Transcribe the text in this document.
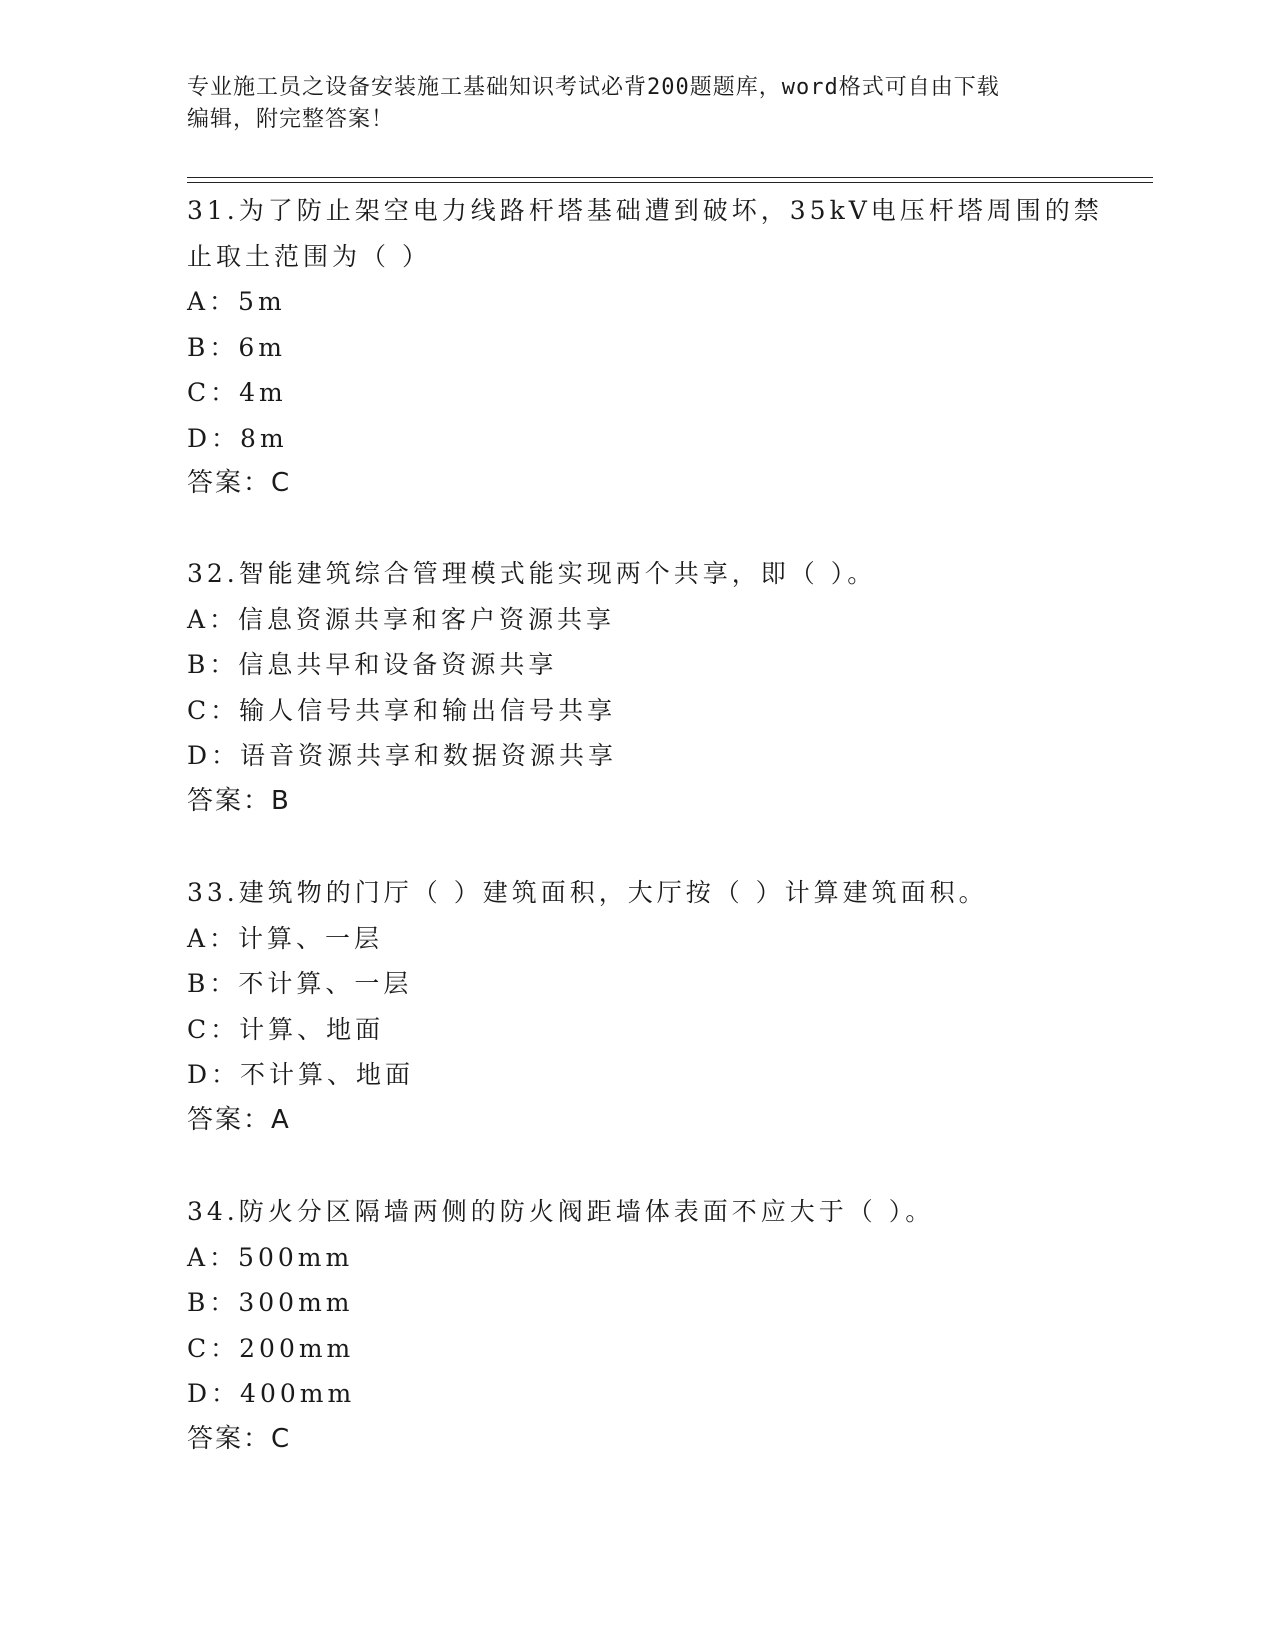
专业施工员之设备安装施工基础知识考试必背200题题库，word格式可自由下载
编辑，附完整答案！
31.为了防止架空电力线路杆塔基础遭到破坏，35kV电压杆塔周围的禁
止取土范围为（ ）
A：5m
B：6m
C：4m
D：8m
答案：C
32.智能建筑综合管理模式能实现两个共享，即（ ）。
A：信息资源共享和客户资源共享
B：信息共早和设备资源共享
C：输人信号共享和输出信号共享
D：语音资源共享和数据资源共享
答案：B
33.建筑物的门厅（ ）建筑面积，大厅按（ ）计算建筑面积。
A：计算、一层
B：不计算、一层
C：计算、地面
D：不计算、地面
答案：A
34.防火分区隔墙两侧的防火阀距墙体表面不应大于（ ）。
A：500mm
B：300mm
C：200mm
D：400mm
答案：C
